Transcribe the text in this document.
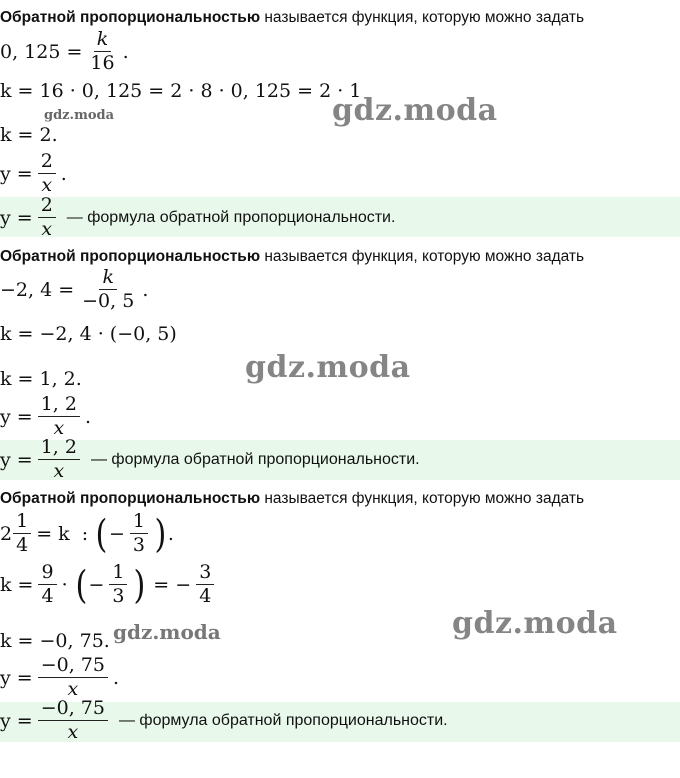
Обратной пропорциональностью называется функция, которую можно задать
0, $125 = \frac{k}{16}$ .
k = 16 · 0, 125 = 2 · 8 · 0, 125 = 2 · 1
k = 2.
$y = \frac{2}{x}$ .
$y = \frac{2}{x}$ — формула обратной пропорциональности.
Обратной пропорциональностью называется функция, которую можно задать
−2, $4 = \frac{k}{-0, 5}$ .
k = −2, 4 · (−0, 5)
k = 1, 2.
$y = \frac{1, 2}{x}$ .
$y = \frac{1, 2}{x}$ — формула обратной пропорциональности.
Обратной пропорциональностью называется функция, которую можно задать
$2 \frac{1}{4} = k$  : ( − $\frac{1}{3}$ ) .
$k = \frac{9}{4}$ · ( − $\frac{1}{3}$ ) = − $\frac{3}{4}$
k = −0, 75.
$y = \frac{-0, 75}{x}$ .
$y = \frac{-0, 75}{x}$ — формула обратной пропорциональности.
gdz.moda
gdz.moda
gdz.moda
gdz.moda
gdz.moda
